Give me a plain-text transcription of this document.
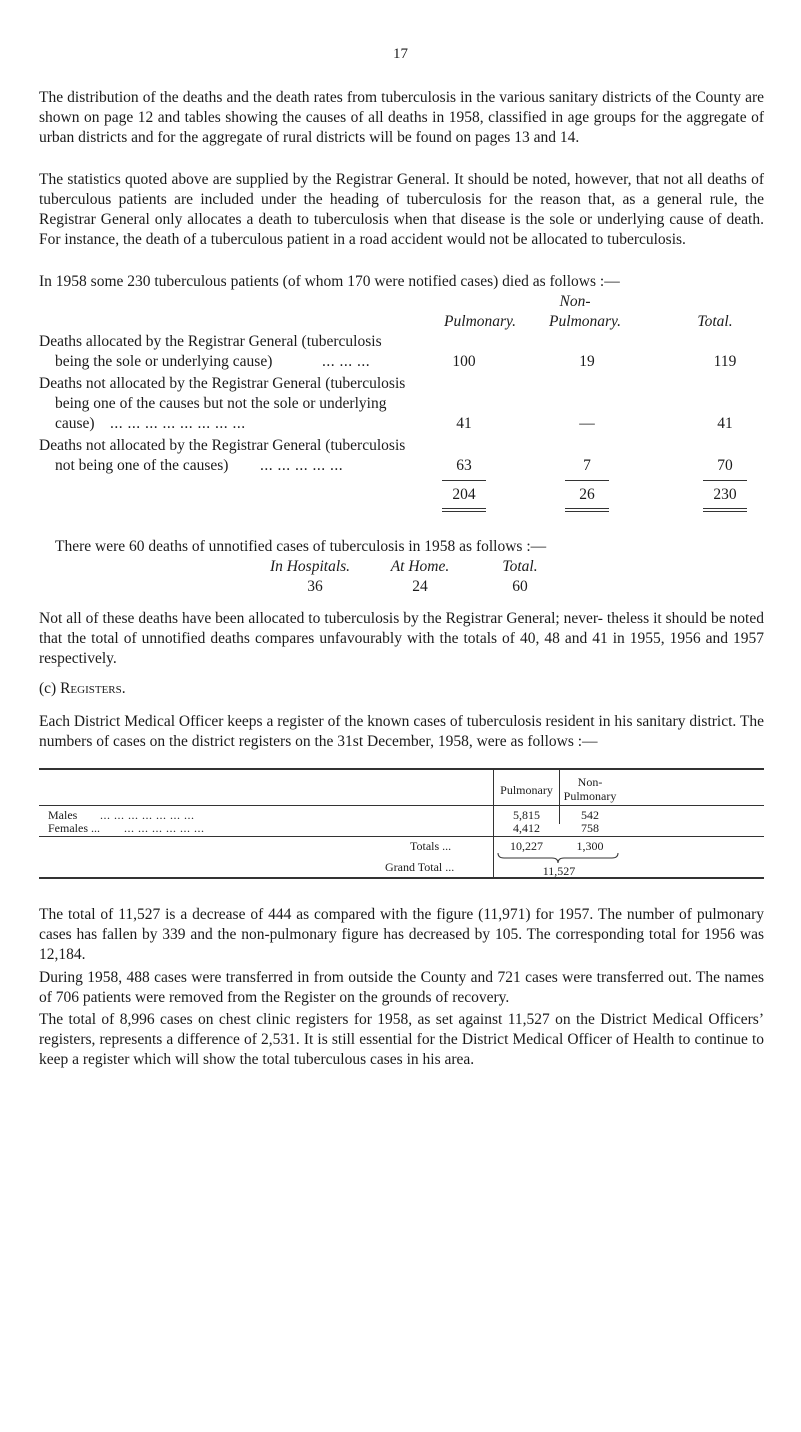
17

The distribution of the deaths and the death rates from tuberculosis in the various sanitary districts of the County are shown on page 12 and tables showing the causes of all deaths in 1958, classified in age groups for the aggregate of urban districts and for the aggregate of rural districts will be found on pages 13 and 14.

The statistics quoted above are supplied by the Registrar General. It should be noted, however, that not all deaths of tuberculous patients are included under the heading of tuberculosis for the reason that, as a general rule, the Registrar General only allocates a death to tuberculosis when that disease is the sole or underlying cause of death. For instance, the death of a tuberculous patient in a road accident would not be allocated to tuberculosis.

In 1958 some 230 tuberculous patients (of whom 170 were notified cases) died as follows :—

Non-
Pulmonary.	Pulmonary.	Total.
Deaths allocated by the Registrar General (tuberculosis
being the sole or underlying cause)	... ... ...	100	19	119
Deaths not allocated by the Registrar General (tuberculosis
being one of the causes but not the sole or underlying
cause) ... ... ... ... ... ... ... ...	41	—	41
Deaths not allocated by the Registrar General (tuberculosis
not being one of the causes) ... ... ... ... ...	63	7	70
204	26	230

There were 60 deaths of unnotified cases of tuberculosis in 1958 as follows :—

In Hospitals.	At Home.	Total.
36	24	60

Not all of these deaths have been allocated to tuberculosis by the Registrar General; never- theless it should be noted that the total of unnotified deaths compares unfavourably with the totals of 40, 48 and 41 in 1955, 1956 and 1957 respectively.

(c) Registers.

Each District Medical Officer keeps a register of the known cases of tuberculosis resident in his sanitary district. The numbers of cases on the district registers on the 31st December, 1958, were as follows :—

Pulmonary
Non-
Pulmonary
Males ... ... ... ... ... ... ...	5,815	542
Females ... ... ... ... ... ... ...	4,412	758
Totals ...	10,227	1,300
Grand Total ...	11,527

The total of 11,527 is a decrease of 444 as compared with the figure (11,971) for 1957. The number of pulmonary cases has fallen by 339 and the non-pulmonary figure has decreased by 105. The corresponding total for 1956 was 12,184.

During 1958, 488 cases were transferred in from outside the County and 721 cases were transferred out. The names of 706 patients were removed from the Register on the grounds of recovery.

The total of 8,996 cases on chest clinic registers for 1958, as set against 11,527 on the District Medical Officers’ registers, represents a difference of 2,531. It is still essential for the District Medical Officer of Health to continue to keep a register which will show the total tuberculous cases in his area.
